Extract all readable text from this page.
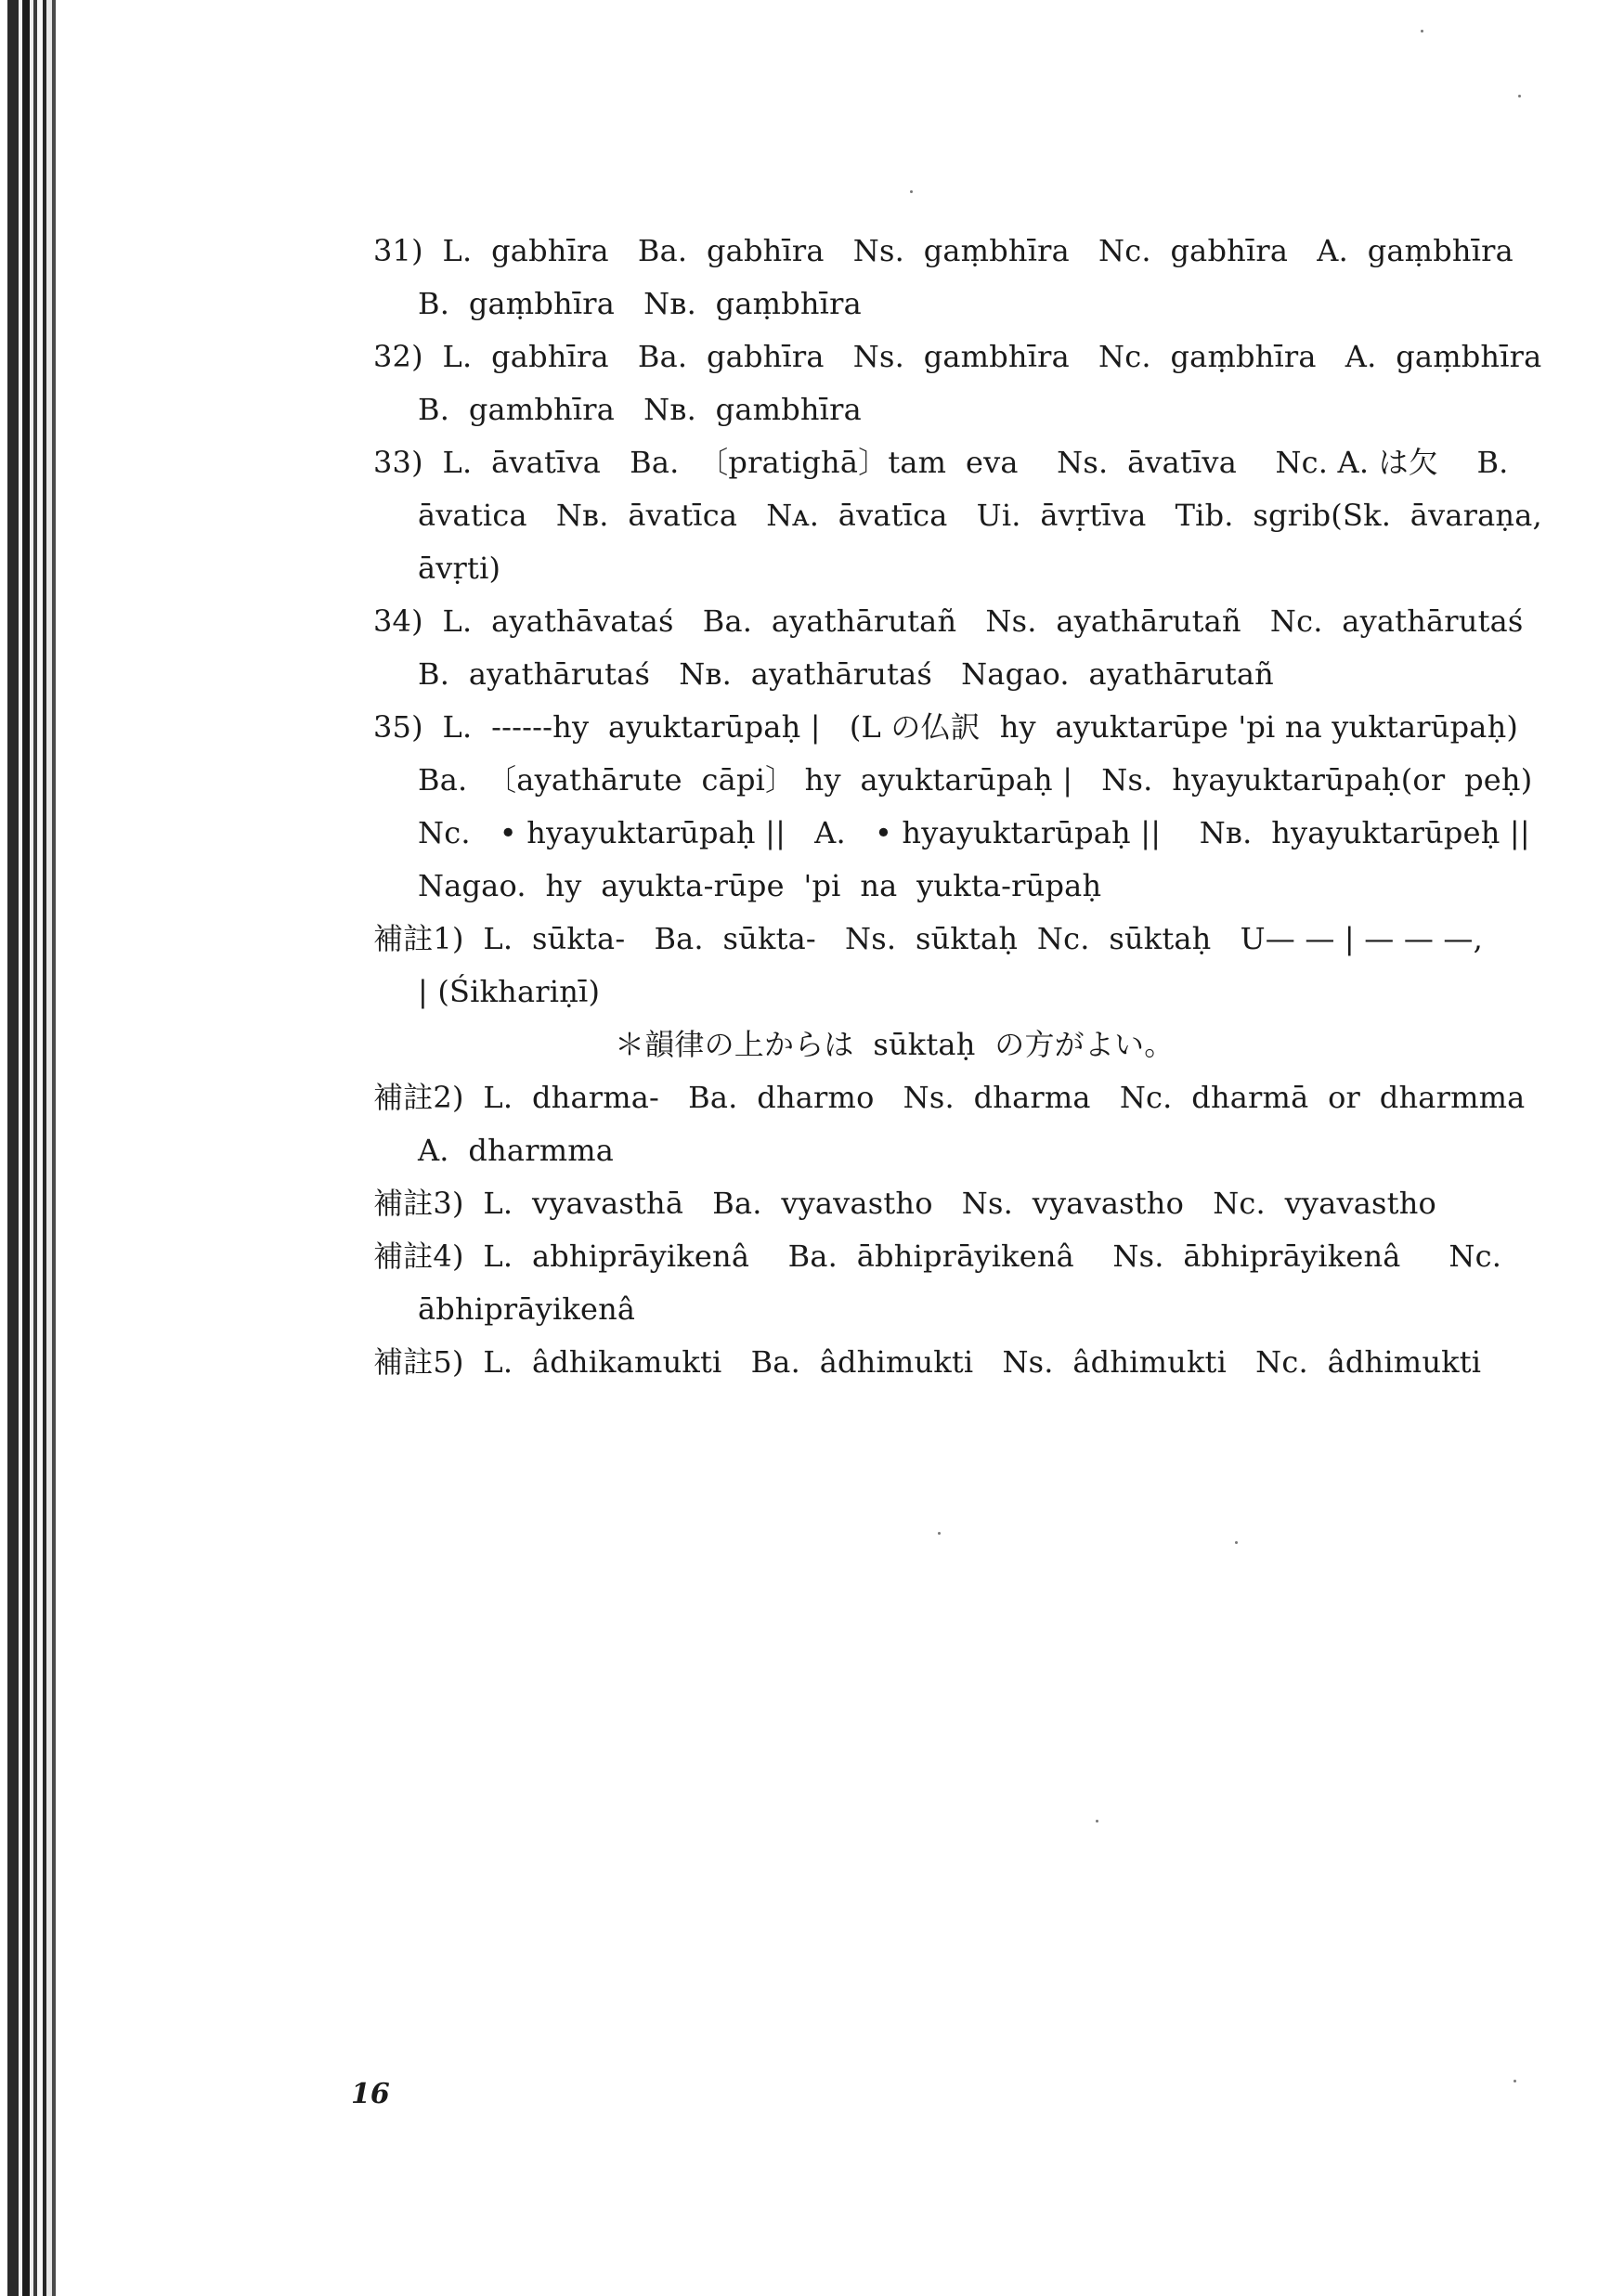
31)  L.  gabhīra   Ba.  gabhīra   Ns.  gaṃbhīra   Nc.  gabhīra   A.  gaṃbhīra
B.  gaṃbhīra   Nʙ.  gaṃbhīra
32)  L.  gabhīra   Ba.  gabhīra   Ns.  gambhīra   Nc.  gaṃbhīra   A.  gaṃbhīra
B.  gambhīra   Nʙ.  gambhīra
33)  L.  āvatīva   Ba.  〔pratighā〕tam  eva    Ns.  āvatīva    Nc. A. は欠    B.
āvatica   Nʙ.  āvatīca   Nᴀ.  āvatīca   Ui.  āvṛtīva   Tib.  sgrib(Sk.  āvaraṇa,
āvṛti)
34)  L.  ayathāvataś   Ba.  ayathārutañ   Ns.  ayathārutañ   Nc.  ayathārutaś
B.  ayathārutaś   Nʙ.  ayathārutaś   Nagao.  ayathārutañ
35)  L.  ------hy  ayuktarūpaḥ |   (L の仏訳  hy  ayuktarūpe 'pi na yuktarūpaḥ)
Ba.  〔ayathārute  cāpi〕 hy  ayuktarūpaḥ |   Ns.  hyayuktarūpaḥ(or  peḥ)
Nc.   • hyayuktarūpaḥ ||   A.   • hyayuktarūpaḥ ||    Nʙ.  hyayuktarūpeḥ ||
Nagao.  hy  ayukta-rūpe  'pi  na  yukta-rūpaḥ
補註1)  L.  sūkta-   Ba.  sūkta-   Ns.  sūktaḥ  Nc.  sūktaḥ   U— — | — — —,
| (Śikhariṇī)
＊韻律の上からは  sūktaḥ  の方がよい。
補註2)  L.  dharma-   Ba.  dharmo   Ns.  dharma   Nc.  dharmā  or  dharmma
A.  dharmma
補註3)  L.  vyavasthā   Ba.  vyavastho   Ns.  vyavastho   Nc.  vyavastho
補註4)  L.  abhiprāyikenâ    Ba.  ābhiprāyikenâ    Ns.  ābhiprāyikenâ     Nc.
ābhiprāyikenâ
補註5)  L.  âdhikamukti   Ba.  âdhimukti   Ns.  âdhimukti   Nc.  âdhimukti
16
